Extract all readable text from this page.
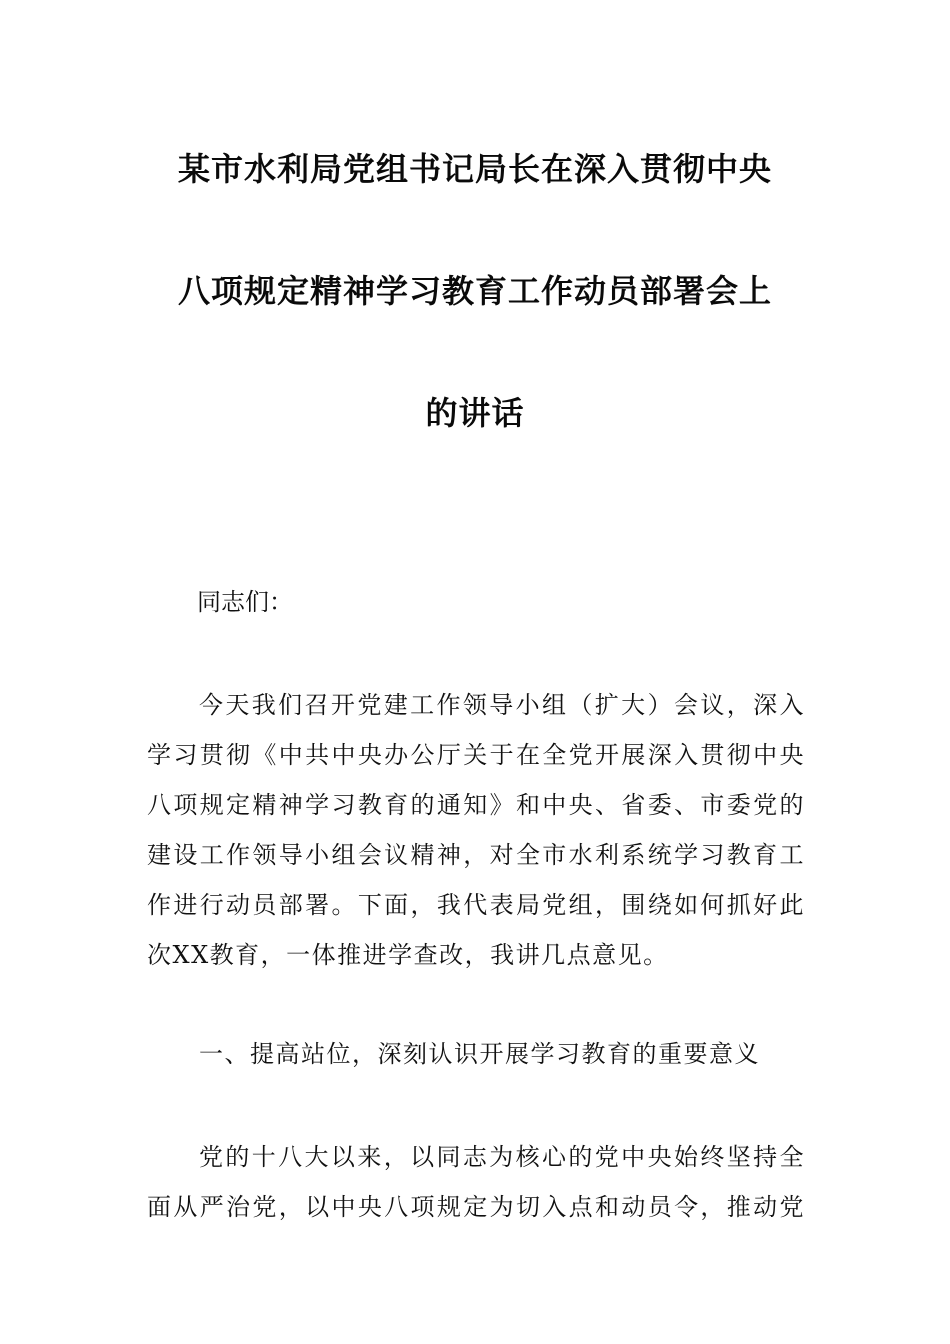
某市水利局党组书记局长在深入贯彻中央
八项规定精神学习教育工作动员部署会上
的讲话
同志们：
今天我们召开党建工作领导小组（扩大）会议，深入
学习贯彻《中共中央办公厅关于在全党开展深入贯彻中央
八项规定精神学习教育的通知》和中央、省委、市委党的
建设工作领导小组会议精神，对全市水利系统学习教育工
作进行动员部署。下面，我代表局党组，围绕如何抓好此
次XX教育，一体推进学查改，我讲几点意见。
一、提高站位，深刻认识开展学习教育的重要意义
党的十八大以来，以同志为核心的党中央始终坚持全
面从严治党，以中央八项规定为切入点和动员令，推动党
